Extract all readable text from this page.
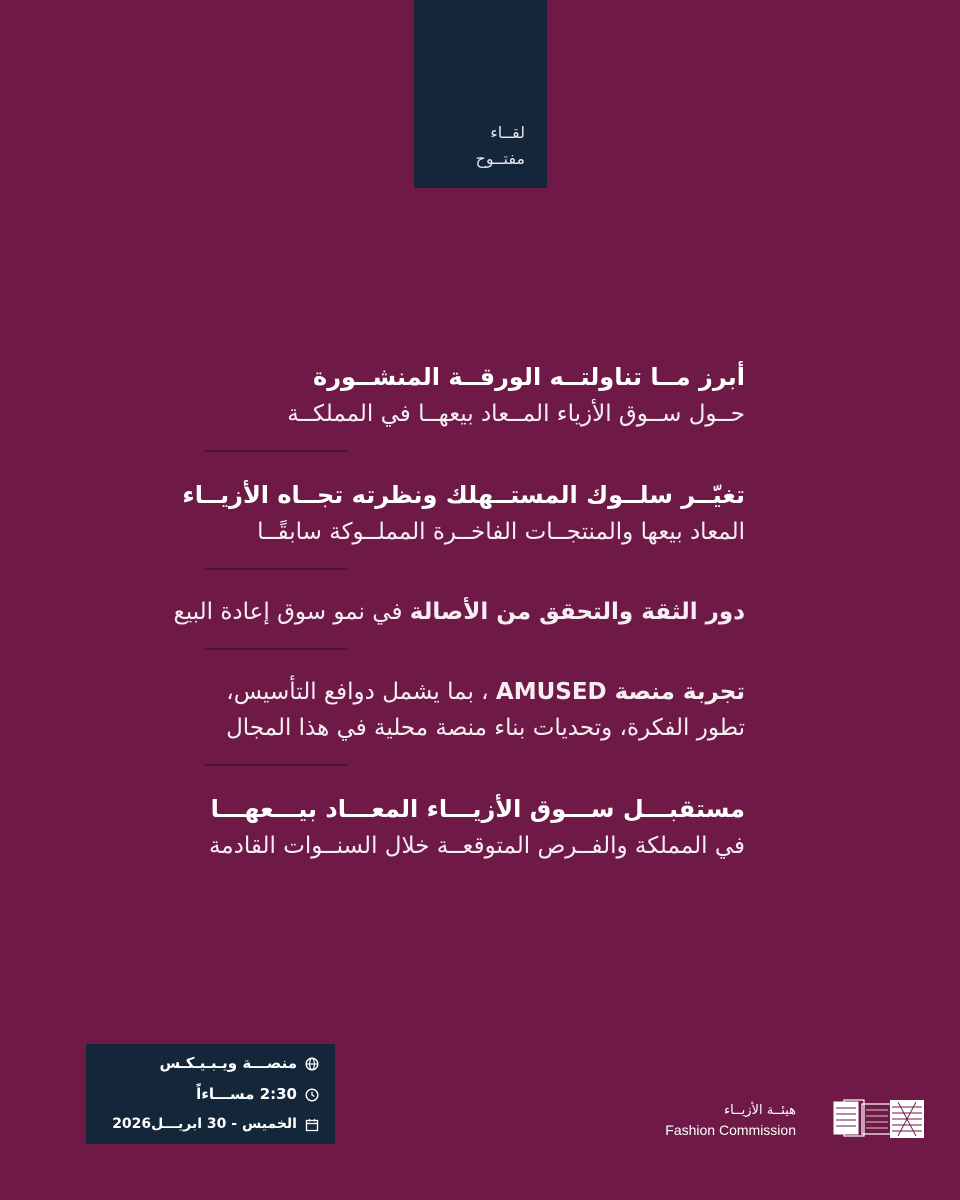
لقــاء
مفتــوح
أبرز مــا تناولتــه الورقــة المنشــورة
حــول ســوق الأزياء المــعاد بيعهــا في المملكــة
تغيّــر سلــوك المستــهلك ونظرته تجــاه الأزيــاء
المعاد بيعها والمنتجــات الفاخــرة المملــوكة سابقًــا
دور الثقة والتحقق من الأصالة في نمو سوق إعادة البيع
تجربة منصة AMUSED ، بما يشمل دوافع التأسيس،
تطور الفكرة، وتحديات بناء منصة محلية في هذا المجال
مستقبـــل ســـوق الأزيـــاء المعـــاد بيـــعهـــا
في المملكة والفــرص المتوقعــة خلال السنــوات القادمة
منصـــة ويـبـيـكـس
2:30 مســـاءاً
الخميس - 30 ابريـــل2026
هيئــة الأزيــاء
Fashion Commission
